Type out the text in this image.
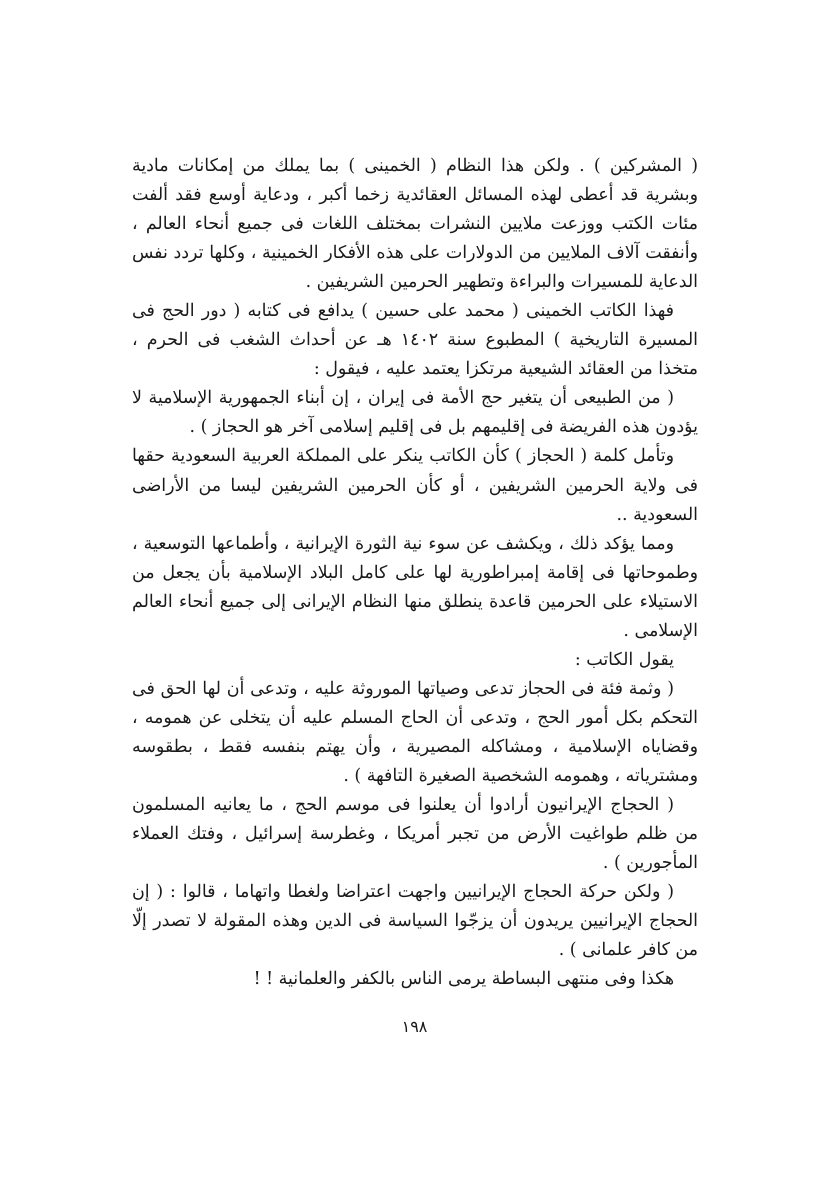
( المشركين ) . ولكن هذا النظام ( الخمينى ) بما يملك من إمكانات مادية وبشرية قد أعطى لهذه المسائل العقائدية زخما أكبر ، ودعاية أوسع فقد ألفت مئات الكتب ووزعت ملايين النشرات بمختلف اللغات فى جميع أنحاء العالم ، وأنفقت آلاف الملايين من الدولارات على هذه الأفكار الخمينية ، وكلها تردد نفس الدعاية للمسيرات والبراءة وتطهير الحرمين الشريفين .

فهذا الكاتب الخمينى ( محمد على حسين ) يدافع فى كتابه ( دور الحج فى المسيرة التاريخية ) المطبوع سنة ١٤٠٢ هـ عن أحداث الشغب فى الحرم ، متخذا من العقائد الشيعية مرتكزا يعتمد عليه ، فيقول :

( من الطبيعى أن يتغير حج الأمة فى إيران ، إن أبناء الجمهورية الإسلامية لا يؤدون هذه الفريضة فى إقليمهم بل فى إقليم إسلامى آخر هو الحجاز ) .

وتأمل كلمة ( الحجاز ) كأن الكاتب ينكر على المملكة العربية السعودية حقها فى ولاية الحرمين الشريفين ، أو كأن الحرمين الشريفين ليسا من الأراضى السعودية ..

ومما يؤكد ذلك ، ويكشف عن سوء نية الثورة الإيرانية ، وأطماعها التوسعية ، وطموحاتها فى إقامة إمبراطورية لها على كامل البلاد الإسلامية بأن يجعل من الاستيلاء على الحرمين قاعدة ينطلق منها النظام الإيرانى إلى جميع أنحاء العالم الإسلامى .

يقول الكاتب :

( وثمة فئة فى الحجاز تدعى وصياتها الموروثة عليه ، وتدعى أن لها الحق فى التحكم بكل أمور الحج ، وتدعى أن الحاج المسلم عليه أن يتخلى عن همومه ، وقضاياه الإسلامية ، ومشاكله المصيرية ، وأن يهتم بنفسه فقط ، بطقوسه ومشترياته ، وهمومه الشخصية الصغيرة التافهة ) .

( الحجاج الإيرانيون أرادوا أن يعلنوا فى موسم الحج ، ما يعانيه المسلمون من ظلم طواغيت الأرض من تجبر أمريكا ، وغطرسة إسرائيل ، وفتك العملاء المأجورين ) .

( ولكن حركة الحجاج الإيرانيين واجهت اعتراضا ولغطا واتهاما ، قالوا : ( إن الحجاج الإيرانيين يريدون أن يزجّوا السياسة فى الدين وهذه المقولة لا تصدر إلّا من كافر علمانى ) .

هكذا وفى منتهى البساطة يرمى الناس بالكفر والعلمانية ! !

١٩٨
